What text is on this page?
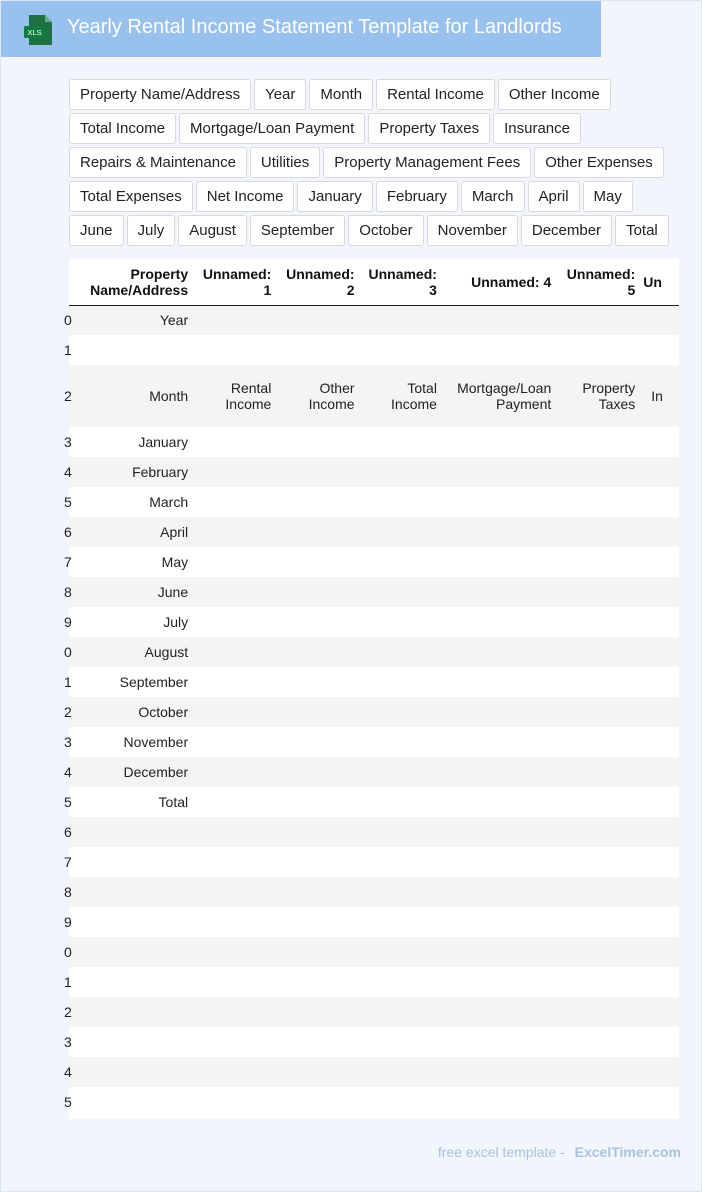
XLS Yearly Rental Income Statement Template for Landlords
Property Name/Address	Year	Month	Rental Income	Other Income
Total Income	Mortgage/Loan Payment	Property Taxes	Insurance
Repairs & Maintenance	Utilities	Property Management Fees	Other Expenses
Total Expenses	Net Income	January	February	March	April	May
June	July	August	September	October	November	December	Total
	Property Name/Address	Unnamed: 1	Unnamed: 2	Unnamed: 3	Unnamed: 4	Unnamed: 5	Un
0	Year						
1							
2	Month	Rental Income	Other Income	Total Income	Mortgage/Loan Payment	Property Taxes	In
3	January						
4	February						
5	March						
6	April						
7	May						
8	June						
9	July						
0	August						
1	September						
2	October						
3	November						
4	December						
5	Total						
6							
7							
8							
9							
0							
1							
2							
3							
4							
5							
free excel template - ExcelTimer.com
